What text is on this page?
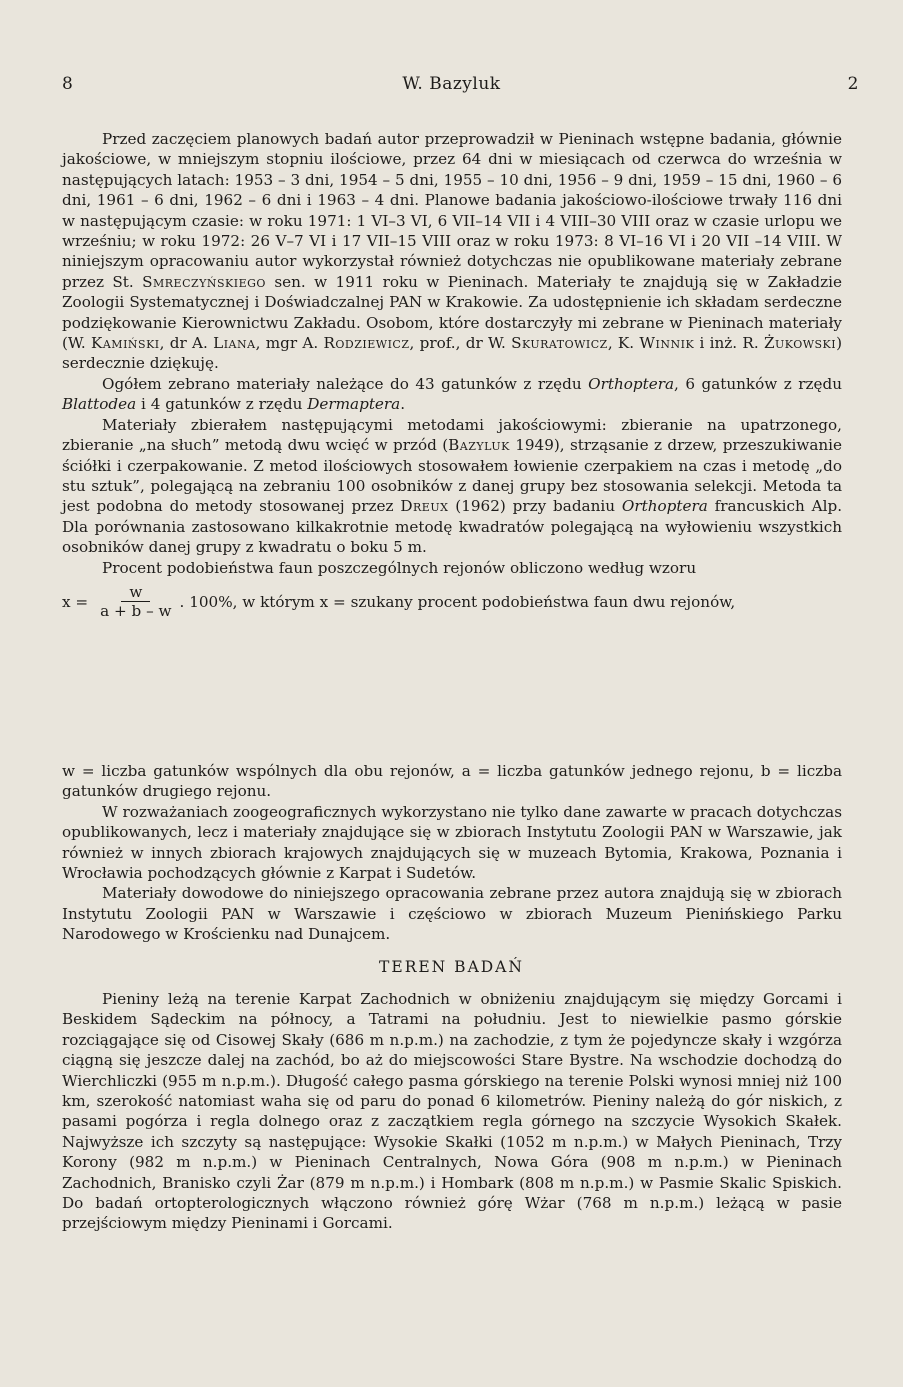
8	W. Bazyluk	2

Przed zaczęciem planowych badań autor przeprowadził w Pieninach wstępne badania, głównie jakościowe, w mniejszym stopniu ilościowe, przez 64 dni w miesiącach od czerwca do września w następujących latach: 1953 – 3 dni, 1954 – 5 dni, 1955 – 10 dni, 1956 – 9 dni, 1959 – 15 dni, 1960 – 6 dni, 1961 – 6 dni, 1962 – 6 dni i 1963 – 4 dni. Planowe badania jakościowo-ilościowe trwały 116 dni w następującym czasie: w roku 1971: 1 VI–3 VI, 6 VII–14 VII i 4 VIII–30 VIII oraz w czasie urlopu we wrześniu; w roku 1972: 26 V–7 VI i 17 VII–15 VIII oraz w roku 1973: 8 VI–16 VI i 20 VII –14 VIII. W niniejszym opracowaniu autor wykorzystał również dotychczas nie opublikowane materiały zebrane przez St. Smreczyńskiego sen. w 1911 roku w Pieninach. Materiały te znajdują się w Zakładzie Zoologii Systematycznej i Doświadczalnej PAN w Krakowie. Za udostępnienie ich składam serdeczne podziękowanie Kierownictwu Zakładu. Osobom, które dostarczyły mi zebrane w Pieninach materiały (W. Kamiński, dr A. Liana, mgr A. Rodziewicz, prof., dr W. Skuratowicz, K. Winnik i inż. R. Żukowski) serdecznie dziękuję.

Ogółem zebrano materiały należące do 43 gatunków z rzędu Orthoptera, 6 gatunków z rzędu Blattodea i 4 gatunków z rzędu Dermaptera.

Materiały zbierałem następującymi metodami jakościowymi: zbieranie na upatrzonego, zbieranie „na słuch” metodą dwu wcięć w przód (Bazyluk 1949), strząsanie z drzew, przeszukiwanie ściółki i czerpakowanie. Z metod ilościowych stosowałem łowienie czerpakiem na czas i metodę „do stu sztuk”, polegającą na zebraniu 100 osobników z danej grupy bez stosowania selekcji. Metoda ta jest podobna do metody stosowanej przez Dreux (1962) przy badaniu Orthoptera francuskich Alp. Dla porównania zastosowano kilkakrotnie metodę kwadratów polegającą na wyłowieniu wszystkich osobników danej grupy z kwadratu o boku 5 m.

Procent podobieństwa faun poszczególnych rejonów obliczono według wzoru

$x = \frac{w}{a + b - w}$ . 100%, w którym x = szukany procent podobieństwa faun dwu rejonów,
w = liczba gatunków wspólnych dla obu rejonów, a = liczba gatunków jednego rejonu, b = liczba gatunków drugiego rejonu.

W rozważaniach zoogeograficznych wykorzystano nie tylko dane zawarte w pracach dotychczas opublikowanych, lecz i materiały znajdujące się w zbiorach Instytutu Zoologii PAN w Warszawie, jak również w innych zbiorach krajowych znajdujących się w muzeach Bytomia, Krakowa, Poznania i Wrocławia pochodzących głównie z Karpat i Sudetów.

Materiały dowodowe do niniejszego opracowania zebrane przez autora znajdują się w zbiorach Instytutu Zoologii PAN w Warszawie i częściowo w zbiorach Muzeum Pienińskiego Parku Narodowego w Krościenku nad Dunajcem.

TEREN BADAŃ

Pieniny leżą na terenie Karpat Zachodnich w obniżeniu znajdującym się między Gorcami i Beskidem Sądeckim na północy, a Tatrami na południu. Jest to niewielkie pasmo górskie rozciągające się od Cisowej Skały (686 m n.p.m.) na zachodzie, z tym że pojedyncze skały i wzgórza ciągną się jeszcze dalej na zachód, bo aż do miejscowości Stare Bystre. Na wschodzie dochodzą do Wierchliczki (955 m n.p.m.). Długość całego pasma górskiego na terenie Polski wynosi mniej niż 100 km, szerokość natomiast waha się od paru do ponad 6 kilometrów. Pieniny należą do gór niskich, z pasami pogórza i regla dolnego oraz z zaczątkiem regla górnego na szczycie Wysokich Skałek. Najwyższe ich szczyty są następujące: Wysokie Skałki (1052 m n.p.m.) w Małych Pieninach, Trzy Korony (982 m n.p.m.) w Pieninach Centralnych, Nowa Góra (908 m n.p.m.) w Pieninach Zachodnich, Branisko czyli Żar (879 m n.p.m.) i Hombark (808 m n.p.m.) w Pasmie Skalic Spiskich. Do badań ortopterologicznych włączono również górę Wżar (768 m n.p.m.) leżącą w pasie przejściowym między Pieninami i Gorcami.
